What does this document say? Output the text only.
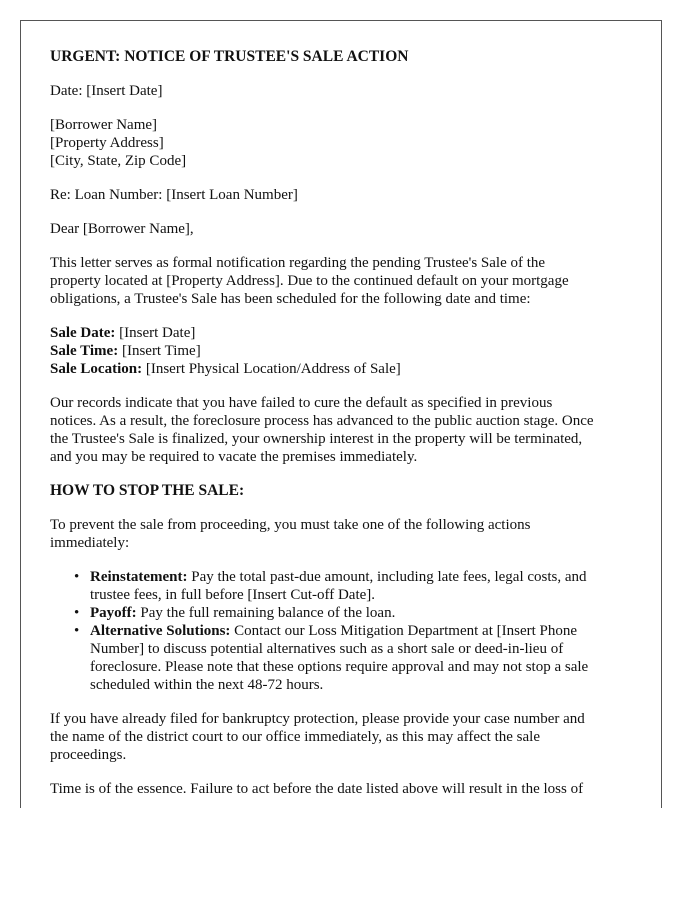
URGENT: NOTICE OF TRUSTEE'S SALE ACTION
Date: [Insert Date]
[Borrower Name]
[Property Address]
[City, State, Zip Code]
Re: Loan Number: [Insert Loan Number]
Dear [Borrower Name],
This letter serves as formal notification regarding the pending Trustee's Sale of the
property located at [Property Address]. Due to the continued default on your mortgage
obligations, a Trustee's Sale has been scheduled for the following date and time:
Sale Date: [Insert Date]
Sale Time: [Insert Time]
Sale Location: [Insert Physical Location/Address of Sale]
Our records indicate that you have failed to cure the default as specified in previous
notices. As a result, the foreclosure process has advanced to the public auction stage. Once
the Trustee's Sale is finalized, your ownership interest in the property will be terminated,
and you may be required to vacate the premises immediately.
HOW TO STOP THE SALE:
To prevent the sale from proceeding, you must take one of the following actions
immediately:
• Reinstatement: Pay the total past-due amount, including late fees, legal costs, and
trustee fees, in full before [Insert Cut-off Date].
• Payoff: Pay the full remaining balance of the loan.
• Alternative Solutions: Contact our Loss Mitigation Department at [Insert Phone
Number] to discuss potential alternatives such as a short sale or deed-in-lieu of
foreclosure. Please note that these options require approval and may not stop a sale
scheduled within the next 48-72 hours.
If you have already filed for bankruptcy protection, please provide your case number and
the name of the district court to our office immediately, as this may affect the sale
proceedings.
Time is of the essence. Failure to act before the date listed above will result in the loss of
